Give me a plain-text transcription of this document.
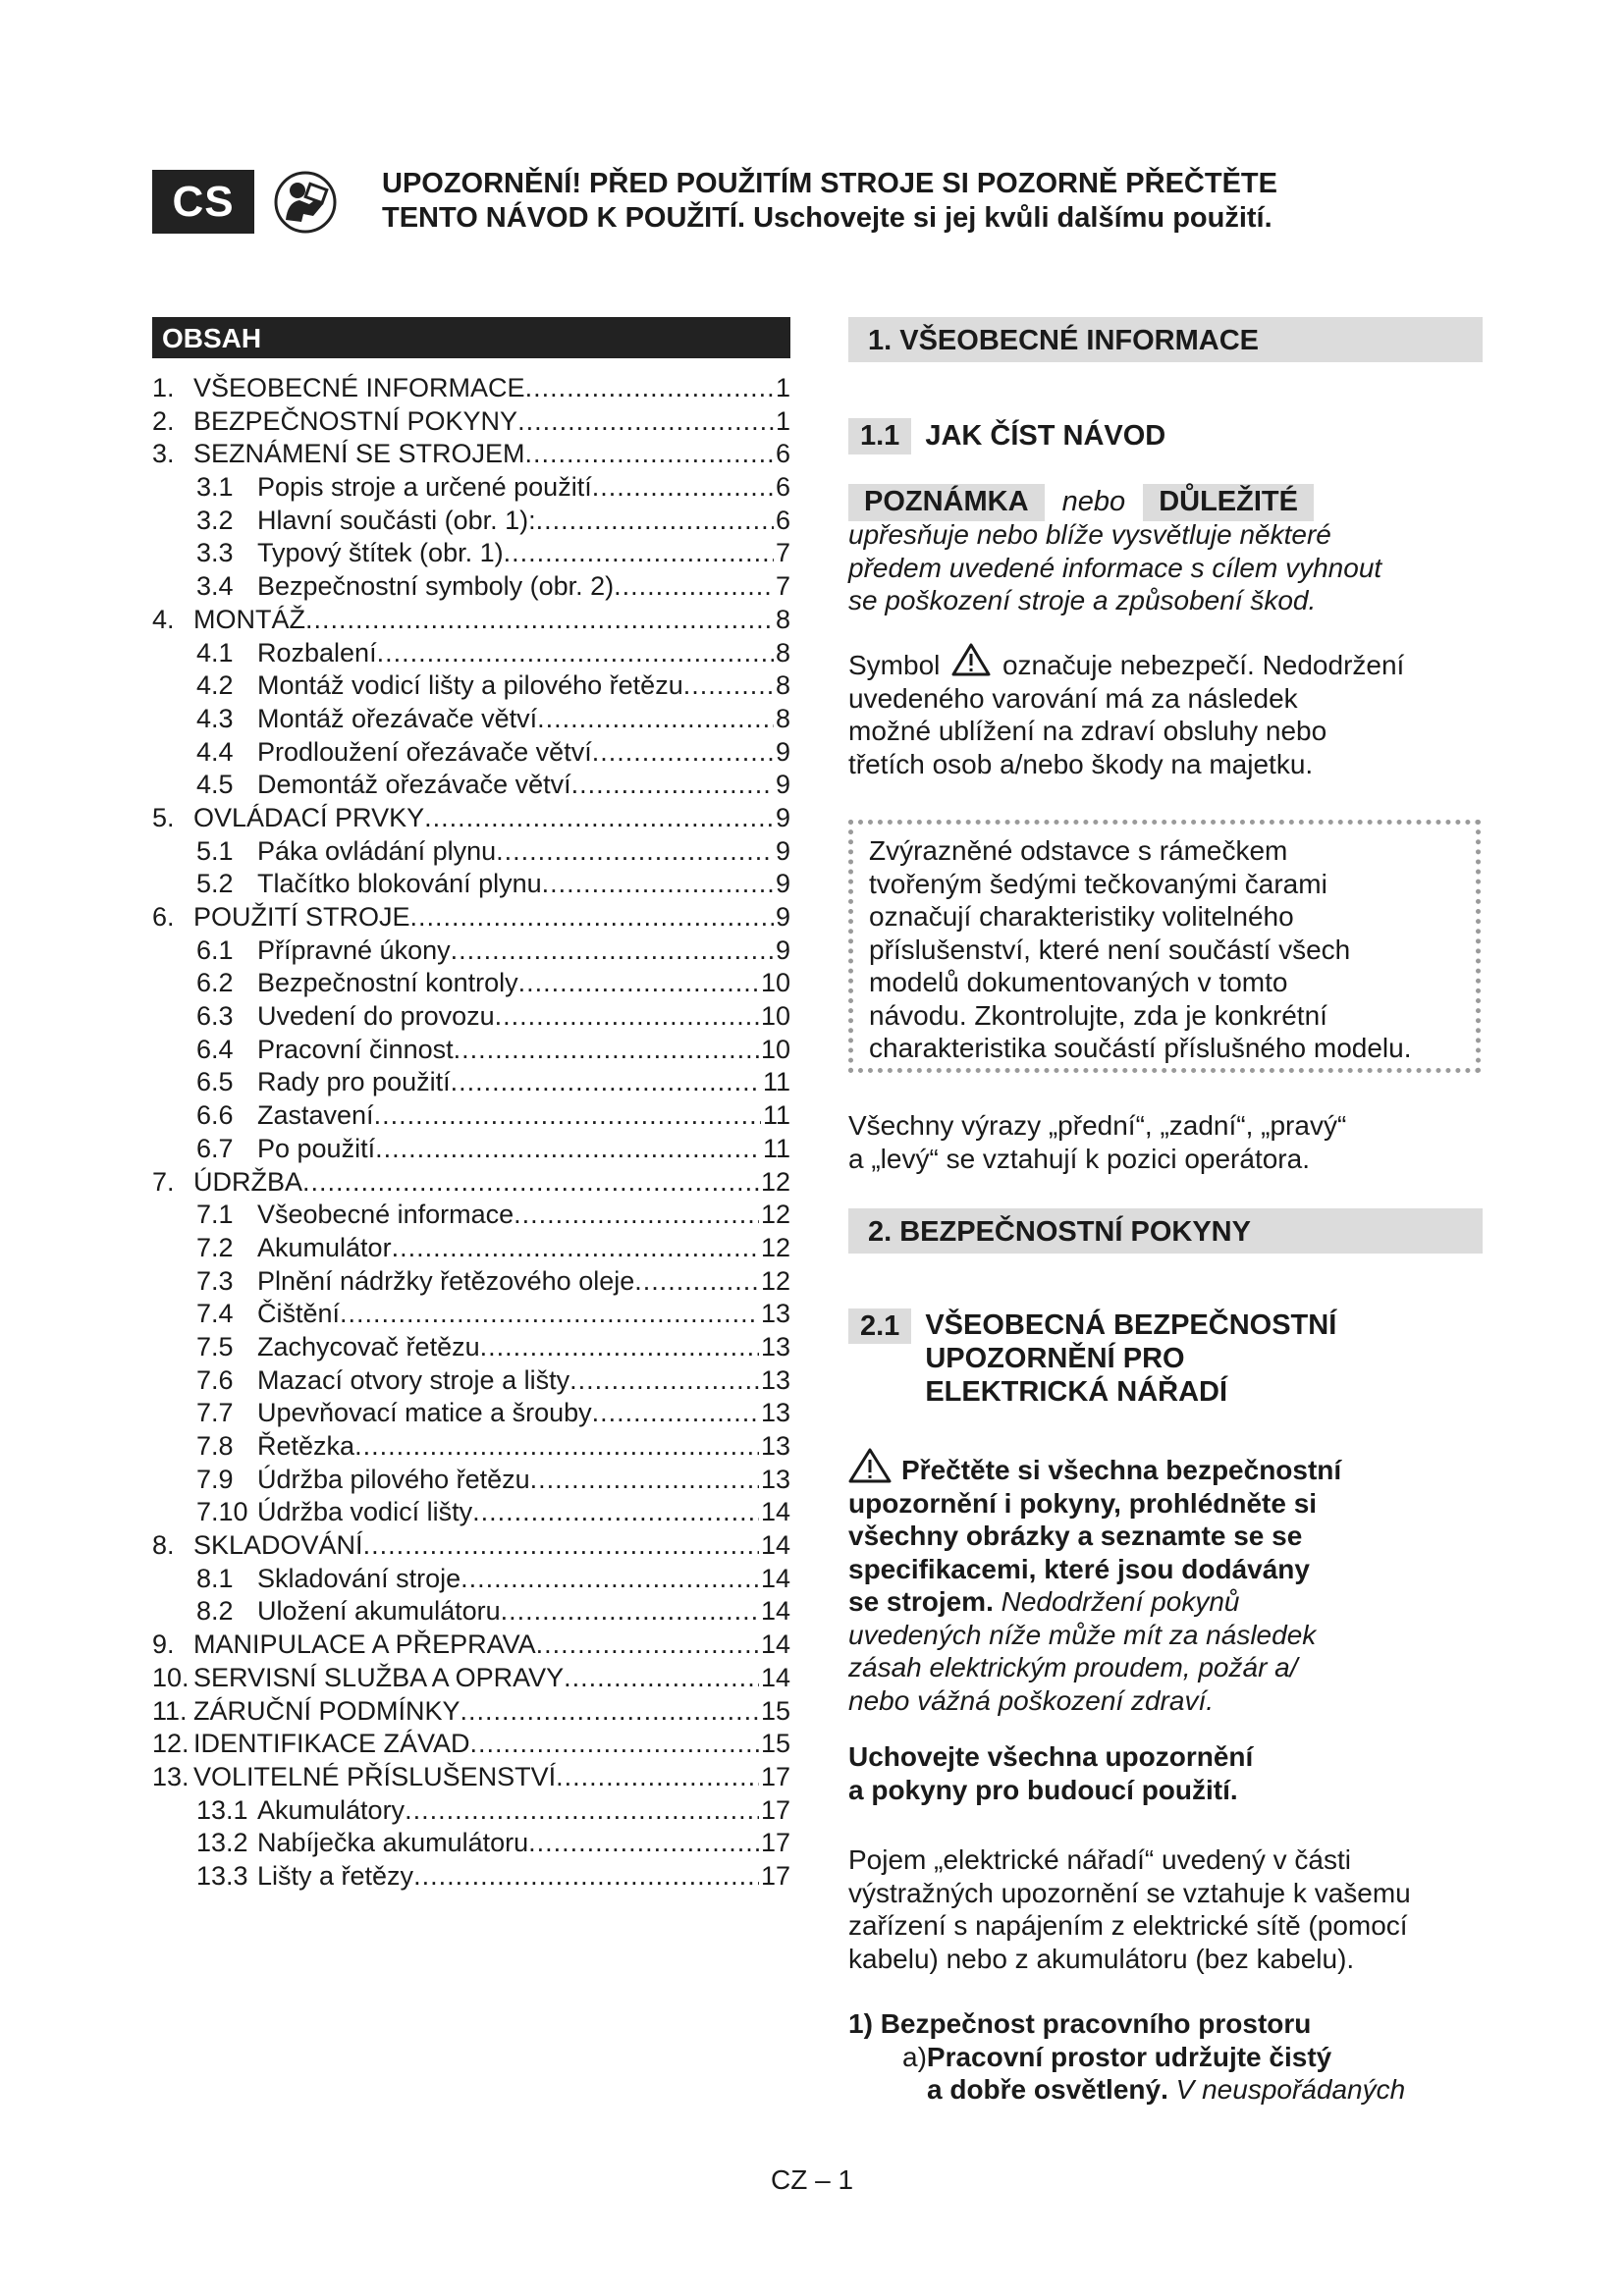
CS	UPOZORNĚNÍ! PŘED POUŽITÍM STROJE SI POZORNĚ PŘEČTĚTE
TENTO NÁVOD K POUŽITÍ. Uschovejte si jej kvůli dalšímu použití.
OBSAH
1. VŠEOBECNÉ INFORMACE .....	1
2. BEZPEČNOSTNÍ POKYNY .....	1
3. SEZNÁMENÍ SE STROJEM .....	6
3.1 Popis stroje a určené použití .....	6
3.2 Hlavní součásti (obr. 1): .....	6
3.3 Typový štítek (obr. 1) .....	7
3.4 Bezpečnostní symboly (obr. 2) .....	7
4. MONTÁŽ .....	8
4.1 Rozbalení .....	8
4.2 Montáž vodicí lišty a pilového řetězu .....	8
4.3 Montáž ořezávače větví .....	8
4.4 Prodloužení ořezávače větví .....	9
4.5 Demontáž ořezávače větví .....	9
5. OVLÁDACÍ PRVKY .....	9
5.1 Páka ovládání plynu .....	9
5.2 Tlačítko blokování plynu .....	9
6. POUŽITÍ STROJE .....	9
6.1 Přípravné úkony .....	9
6.2 Bezpečnostní kontroly .....	10
6.3 Uvedení do provozu .....	10
6.4 Pracovní činnost .....	10
6.5 Rady pro použití .....	11
6.6 Zastavení .....	11
6.7 Po použití .....	11
7. ÚDRŽBA .....	12
7.1 Všeobecné informace .....	12
7.2 Akumulátor .....	12
7.3 Plnění nádržky řetězového oleje .....	12
7.4 Čištění .....	13
7.5 Zachycovač řetězu .....	13
7.6 Mazací otvory stroje a lišty .....	13
7.7 Upevňovací matice a šrouby .....	13
7.8 Řetězka .....	13
7.9 Údržba pilového řetězu .....	13
7.10 Údržba vodicí lišty .....	14
8. SKLADOVÁNÍ .....	14
8.1 Skladování stroje .....	14
8.2 Uložení akumulátoru .....	14
9. MANIPULACE A PŘEPRAVA .....	14
10. SERVISNÍ SLUŽBA A OPRAVY .....	14
11. ZÁRUČNÍ PODMÍNKY .....	15
12. IDENTIFIKACE ZÁVAD .....	15
13. VOLITELNÉ PŘÍSLUŠENSTVÍ .....	17
13.1 Akumulátory .....	17
13.2 Nabíječka akumulátoru .....	17
13.3 Lišty a řetězy .....	17
1. VŠEOBECNÉ INFORMACE
1.1 JAK ČÍST NÁVOD
POZNÁMKA nebo DŮLEŽITÉ
upřesňuje nebo blíže vysvětluje některé
předem uvedené informace s cílem vyhnout
se poškození stroje a způsobení škod.
Symbol označuje nebezpečí. Nedodržení
uvedeného varování má za následek
možné ublížení na zdraví obsluhy nebo
třetích osob a/nebo škody na majetku.
Zvýrazněné odstavce s rámečkem
tvořeným šedými tečkovanými čarami
označují charakteristiky volitelného
příslušenství, které není součástí všech
modelů dokumentovaných v tomto
návodu. Zkontrolujte, zda je konkrétní
charakteristika součástí příslušného modelu.
Všechny výrazy „přední“, „zadní“, „pravý“
a „levý“ se vztahují k pozici operátora.
2. BEZPEČNOSTNÍ POKYNY
2.1 VŠEOBECNÁ BEZPEČNOSTNÍ
UPOZORNĚNÍ PRO
ELEKTRICKÁ NÁŘADÍ
Přečtěte si všechna bezpečnostní
upozornění i pokyny, prohlédněte si
všechny obrázky a seznamte se se
specifikacemi, které jsou dodávány
se strojem. Nedodržení pokynů
uvedených níže může mít za následek
zásah elektrickým proudem, požár a/
nebo vážná poškození zdraví.
Uchovejte všechna upozornění
a pokyny pro budoucí použití.
Pojem „elektrické nářadí“ uvedený v části
výstražných upozornění se vztahuje k vašemu
zařízení s napájením z elektrické sítě (pomocí
kabelu) nebo z akumulátoru (bez kabelu).
1) Bezpečnost pracovního prostoru
a)Pracovní prostor udržujte čistý
a dobře osvětlený. V neuspořádaných
CZ – 1
